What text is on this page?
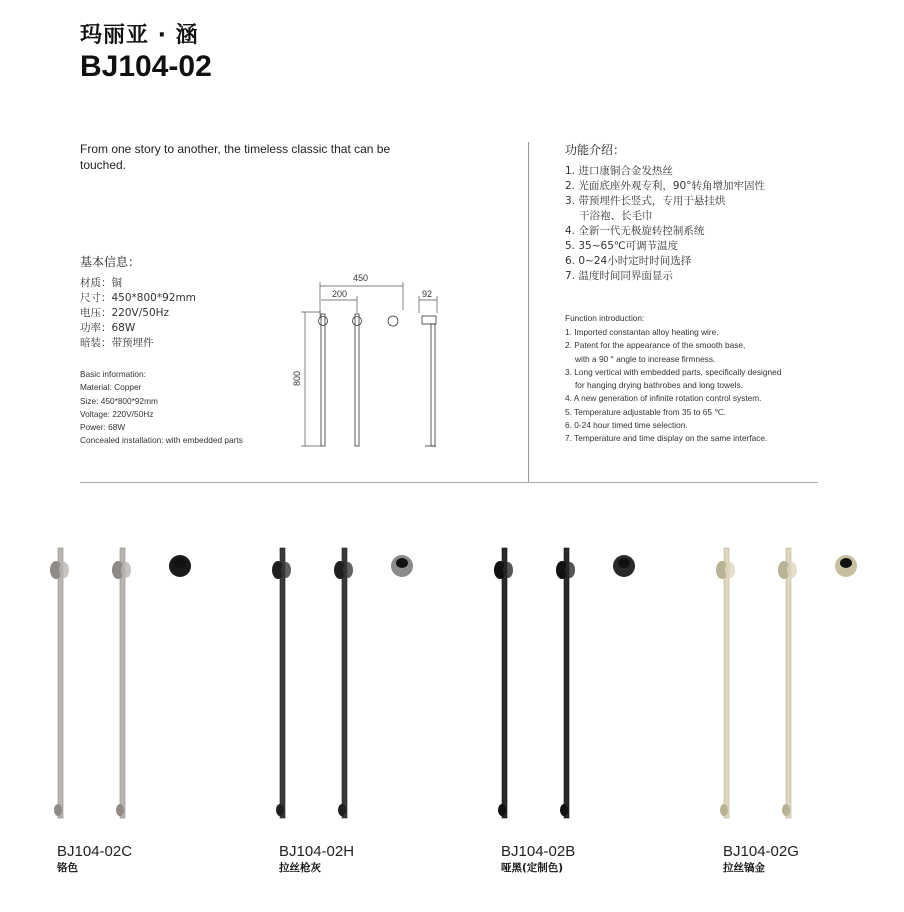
玛丽亚 · 涵
BJ104-02
From one story to another, the timeless classic that can be touched.
基本信息：
材质：铜
尺寸：450*800*92mm
电压：220V/50Hz
功率：68W
暗装：带预埋件
Basic information:
Material: Copper
Size: 450*800*92mm
Voltage: 220V/50Hz
Power: 68W
Concealed installation: with embedded parts
450
200	92
800
功能介绍：
1. 进口康铜合金发热丝
2. 光面底座外观专利，90°转角增加牢固性
3. 带预埋件长竖式，专用于悬挂烘
干浴袍、长毛巾
4. 全新一代无极旋转控制系统
5. 35~65℃可调节温度
6. 0~24小时定时时间选择
7. 温度时间同界面显示
Function introduction:
1. Imported constantan alloy heating wire.
2. Patent for the appearance of the smooth base,
with a 90 ° angle to increase firmness.
3. Long vertical with embedded parts, specifically designed
for hanging drying bathrobes and long towels.
4. A new generation of infinite rotation control system.
5. Temperature adjustable from 35 to 65 ℃.
6. 0-24 hour timed time selection.
7. Temperature and time display on the same interface.
BJ104-02C
铬色
BJ104-02H
拉丝枪灰
BJ104-02B
哑黑(定制色)
BJ104-02G
拉丝镐金
